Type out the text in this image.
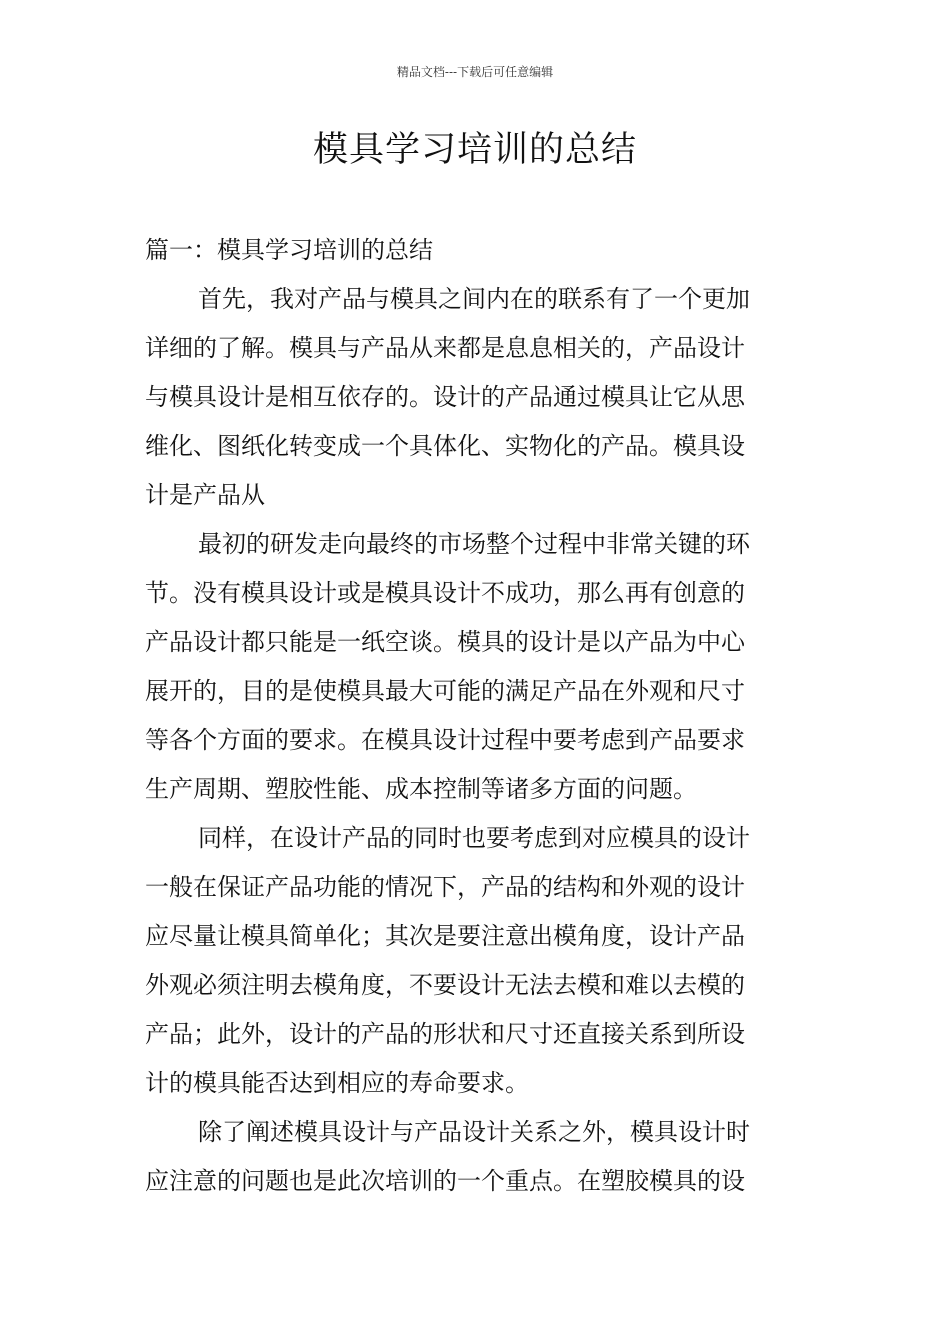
精品文档---下载后可任意编辑
模具学习培训的总结
篇一：模具学习培训的总结

首先，我对产品与模具之间内在的联系有了一个更加
详细的了解。模具与产品从来都是息息相关的，产品设计
与模具设计是相互依存的。设计的产品通过模具让它从思
维化、图纸化转变成一个具体化、实物化的产品。模具设
计是产品从

最初的研发走向最终的市场整个过程中非常关键的环
节。没有模具设计或是模具设计不成功，那么再有创意的
产品设计都只能是一纸空谈。模具的设计是以产品为中心
展开的，目的是使模具最大可能的满足产品在外观和尺寸
等各个方面的要求。在模具设计过程中要考虑到产品要求
生产周期、塑胶性能、成本控制等诸多方面的问题。

同样，在设计产品的同时也要考虑到对应模具的设计
一般在保证产品功能的情况下，产品的结构和外观的设计
应尽量让模具简单化；其次是要注意出模角度，设计产品
外观必须注明去模角度，不要设计无法去模和难以去模的
产品；此外，设计的产品的形状和尺寸还直接关系到所设
计的模具能否达到相应的寿命要求。

除了阐述模具设计与产品设计关系之外，模具设计时
应注意的问题也是此次培训的一个重点。在塑胶模具的设
